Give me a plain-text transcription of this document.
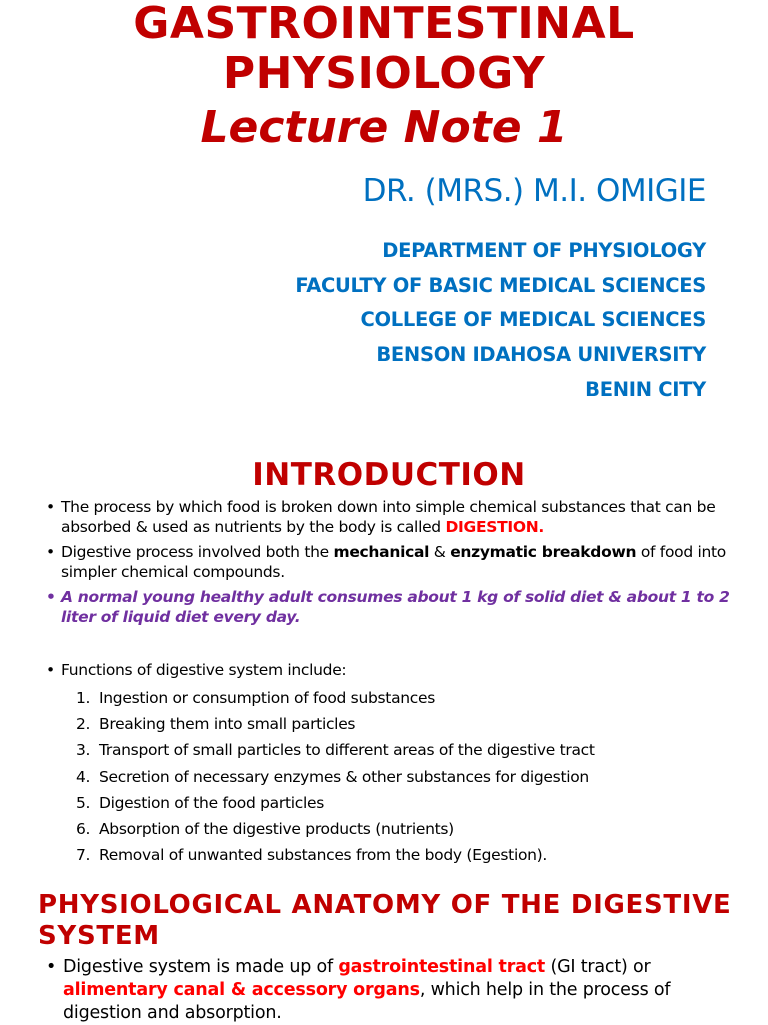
GASTROINTESTINAL
PHYSIOLOGY
Lecture Note 1
DR. (MRS.) M.I. OMIGIE
DEPARTMENT OF PHYSIOLOGY
FACULTY OF BASIC MEDICAL SCIENCES
COLLEGE OF MEDICAL SCIENCES
BENSON IDAHOSA UNIVERSITY
BENIN CITY
INTRODUCTION
• The process by which food is broken down into simple chemical substances that can be absorbed & used as nutrients by the body is called DIGESTION.
• Digestive process involved both the mechanical & enzymatic breakdown of food into simpler chemical compounds.
• A normal young healthy adult consumes about 1 kg of solid diet & about 1 to 2 liter of liquid diet every day.
• Functions of digestive system include:
1. Ingestion or consumption of food substances
2. Breaking them into small particles
3. Transport of small particles to different areas of the digestive tract
4. Secretion of necessary enzymes & other substances for digestion
5. Digestion of the food particles
6. Absorption of the digestive products (nutrients)
7. Removal of unwanted substances from the body (Egestion).
PHYSIOLOGICAL ANATOMY OF THE DIGESTIVE SYSTEM
• Digestive system is made up of gastrointestinal tract (GI tract) or alimentary canal & accessory organs, which help in the process of digestion and absorption.
